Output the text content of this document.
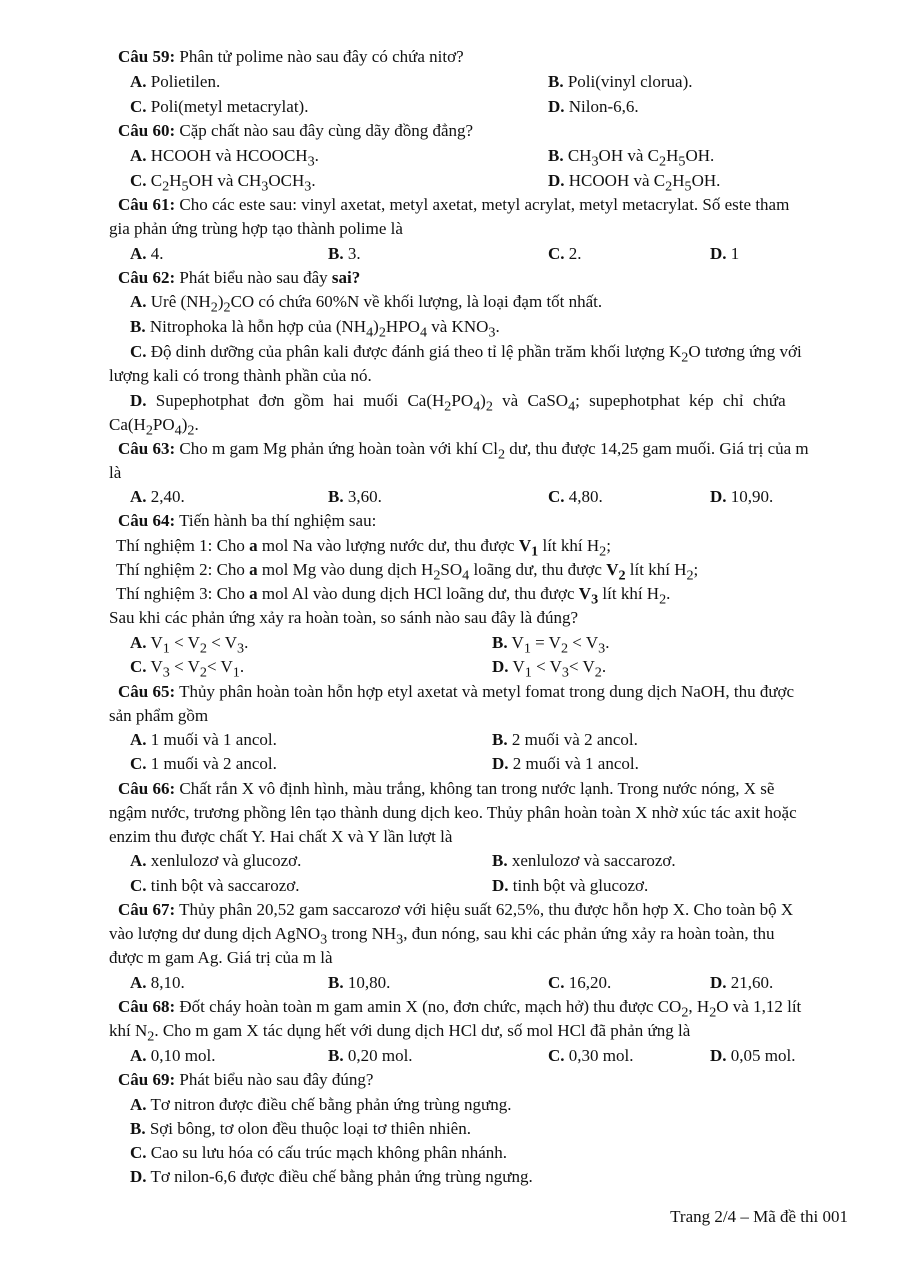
Câu 59: Phân tử polime nào sau đây có chứa nitơ?
A. Polietilen.	B. Poli(vinyl clorua).
C. Poli(metyl metacrylat).	D. Nilon-6,6.
Câu 60: Cặp chất nào sau đây cùng dãy đồng đẳng?
A. HCOOH và $HCOOCH_3$.	B. $CH_3OH$ và $C_2H_5OH$.
C. $C_2H_5OH$ và $CH_3OCH_3$.	D. HCOOH và $C_2H_5OH$.
Câu 61: Cho các este sau: vinyl axetat, metyl axetat, metyl acrylat, metyl metacrylat. Số este tham
gia phản ứng trùng hợp tạo thành polime là
A. 4.	B. 3.	C. 2.	D. 1
Câu 62: Phát biểu nào sau đây sai?
A. Urê $(NH_2)_2CO$ có chứa 60%N về khối lượng, là loại đạm tốt nhất.
B. Nitrophoka là hỗn hợp của $(NH_4)_2HPO_4$ và $KNO_3$.
C. Độ dinh dưỡng của phân kali được đánh giá theo tỉ lệ phần trăm khối lượng $K_2O$ tương ứng với
lượng kali có trong thành phần của nó.
D. Supephotphat đơn gồm hai muối $Ca(H_2PO_4)_2$ và CaSO$_4$; supephotphat kép chỉ chứa
$Ca(H_2PO_4)_2$.
Câu 63: Cho m gam Mg phản ứng hoàn toàn với khí $Cl_2$ dư, thu được 14,25 gam muối. Giá trị của m
là
A. 2,40.	B. 3,60.	C. 4,80.	D. 10,90.
Câu 64: Tiến hành ba thí nghiệm sau:
Thí nghiệm 1: Cho a mol Na vào lượng nước dư, thu được $V_1$ lít khí $H_2$;
Thí nghiệm 2: Cho a mol Mg vào dung dịch $H_2SO_4$ loãng dư, thu được $V_2$ lít khí $H_2$;
Thí nghiệm 3: Cho a mol Al vào dung dịch HCl loãng dư, thu được $V_3$ lít khí $H_2$.
Sau khi các phản ứng xảy ra hoàn toàn, so sánh nào sau đây là đúng?
A. $V_1 < V_2 < V_3$.	B. $V_1 = V_2 < V_3$.
C. $V_3 < V_2< V_1$.	D. $V_1 < V_3< V_2$.
Câu 65: Thủy phân hoàn toàn hỗn hợp etyl axetat và metyl fomat trong dung dịch NaOH, thu được
sản phẩm gồm
A. 1 muối và 1 ancol.	B. 2 muối và 2 ancol.
C. 1 muối và 2 ancol.	D. 2 muối và 1 ancol.
Câu 66: Chất rắn X vô định hình, màu trắng, không tan trong nước lạnh. Trong nước nóng, X sẽ
ngậm nước, trương phồng lên tạo thành dung dịch keo. Thủy phân hoàn toàn X nhờ xúc tác axit hoặc
enzim thu được chất Y. Hai chất X và Y lần lượt là
A. xenlulozơ và glucozơ.	B. xenlulozơ và saccarozơ.
C. tinh bột và saccarozơ.	D. tinh bột và glucozơ.
Câu 67: Thủy phân 20,52 gam saccarozơ với hiệu suất 62,5%, thu được hỗn hợp X. Cho toàn bộ X
vào lượng dư dung dịch AgNO$_3$ trong $NH_3$, đun nóng, sau khi các phản ứng xảy ra hoàn toàn, thu
được m gam Ag. Giá trị của m là
A. 8,10.	B. 10,80.	C. 16,20.	D. 21,60.
Câu 68: Đốt cháy hoàn toàn m gam amin X (no, đơn chức, mạch hở) thu được $CO_2$, $H_2O$ và 1,12 lít
khí $N_2$. Cho m gam X tác dụng hết với dung dịch HCl dư, số mol HCl đã phản ứng là
A. 0,10 mol.	B. 0,20 mol.	C. 0,30 mol.	D. 0,05 mol.
Câu 69: Phát biểu nào sau đây đúng?
A. Tơ nitron được điều chế bằng phản ứng trùng ngưng.
B. Sợi bông, tơ olon đều thuộc loại tơ thiên nhiên.
C. Cao su lưu hóa có cấu trúc mạch không phân nhánh.
D. Tơ nilon-6,6 được điều chế bằng phản ứng trùng ngưng.
Trang 2/4 – Mã đề thi 001
